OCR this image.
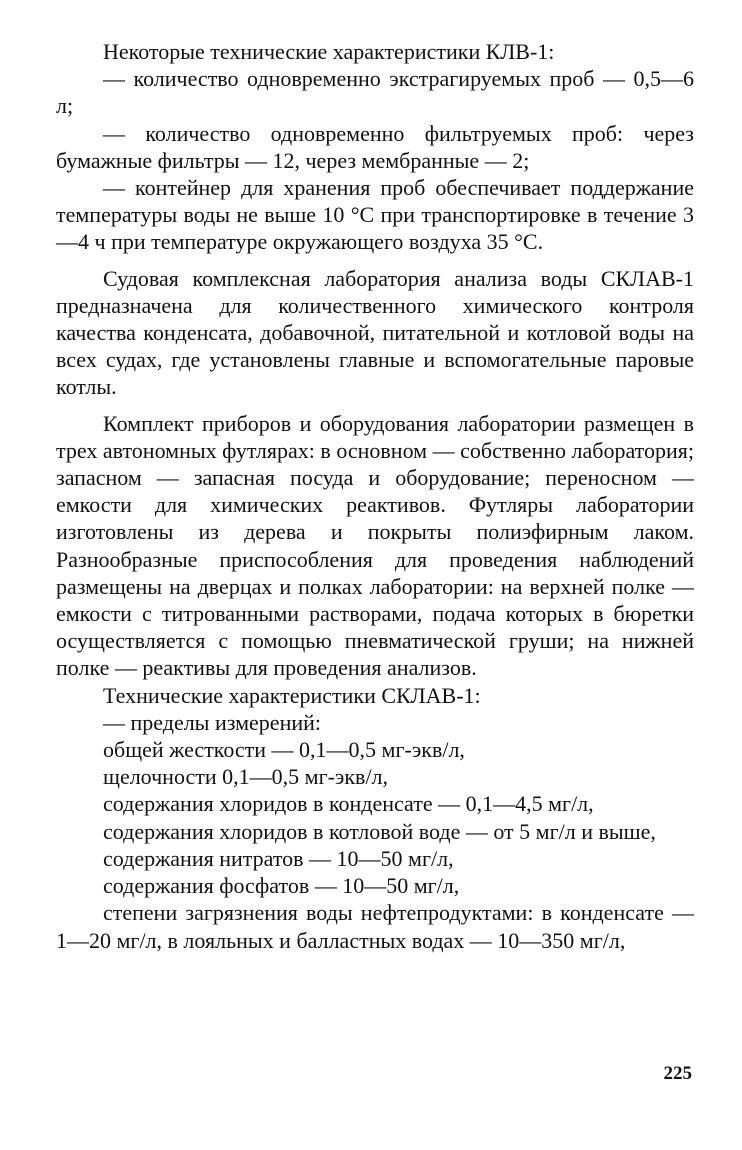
Некоторые технические характеристики КЛВ-1:

— количество одновременно экстрагируемых проб — 0,5—6 л;

— количество одновременно фильтруемых проб: через бумажные фильтры — 12, через мембранные — 2;

— контейнер для хранения проб обеспечивает поддержание температуры воды не выше 10 °С при транспортировке в течение 3—4 ч при температуре окружающего воздуха 35 °С.

Судовая комплексная лаборатория анализа воды СКЛАВ-1 предназначена для количественного химического контроля качества конденсата, добавочной, питательной и котловой воды на всех судах, где установлены главные и вспомогательные паровые котлы.

Комплект приборов и оборудования лаборатории размещен в трех автономных футлярах: в основном — собственно лаборатория; запасном — запасная посуда и оборудование; переносном — емкости для химических реактивов. Футляры лаборатории изготовлены из дерева и покрыты полиэфирным лаком. Разнообразные приспособления для проведения наблюдений размещены на дверцах и полках лаборатории: на верхней полке — емкости с титрованными растворами, подача которых в бюретки осуществляется с помощью пневматической груши; на нижней полке — реактивы для проведения анализов.

Технические характеристики СКЛАВ-1:

— пределы измерений:

общей жесткости — 0,1—0,5 мг-экв/л,

щелочности 0,1—0,5 мг-экв/л,

содержания хлоридов в конденсате — 0,1—4,5 мг/л,

содержания хлоридов в котловой воде — от 5 мг/л и выше,

содержания нитратов — 10—50 мг/л,

содержания фосфатов — 10—50 мг/л,

степени загрязнения воды нефтепродуктами: в конденсате — 1—20 мг/л, в лояльных и балластных водах — 10—350 мг/л,

225
